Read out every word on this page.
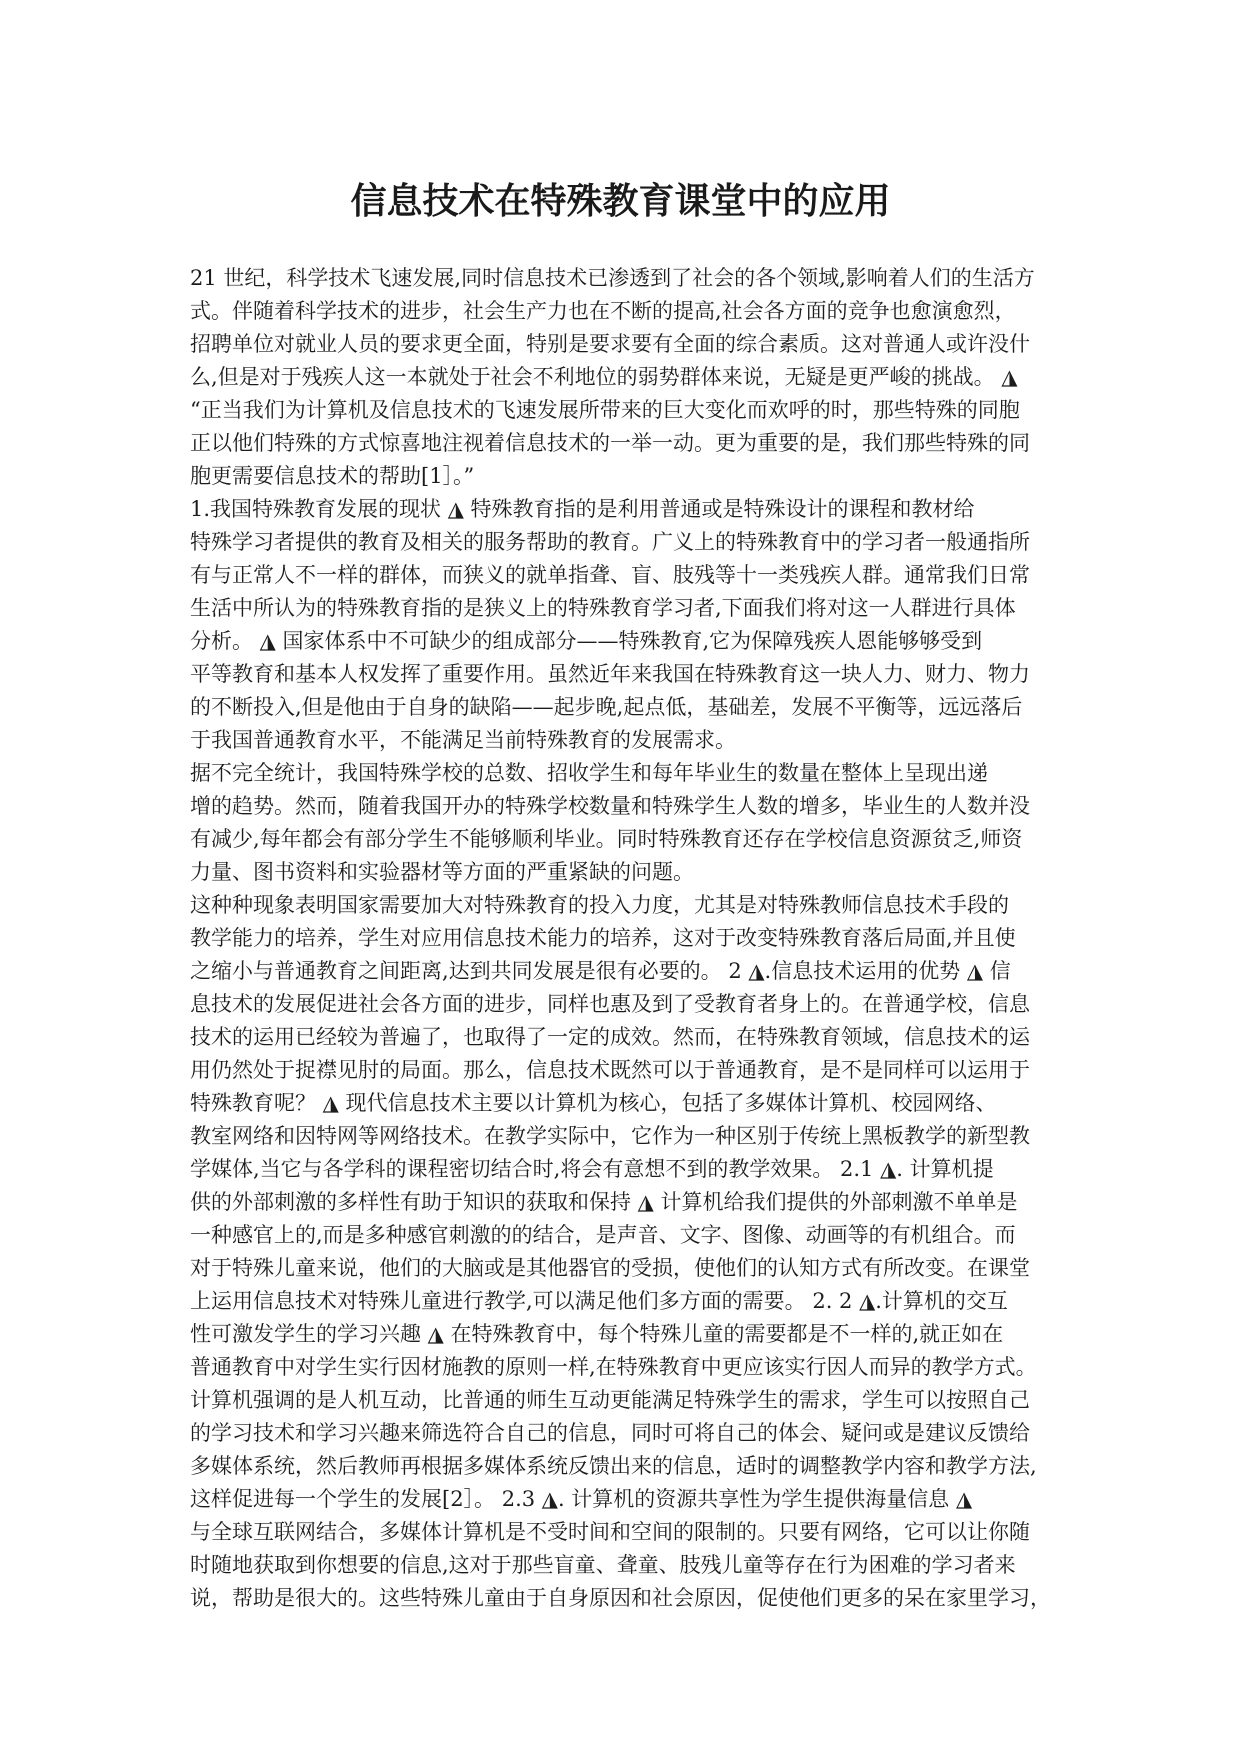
信息技术在特殊教育课堂中的应用
21 世纪，科学技术飞速发展,同时信息技术已渗透到了社会的各个领域,影响着人们的生活方
式。伴随着科学技术的进步，社会生产力也在不断的提高,社会各方面的竞争也愈演愈烈，
招聘单位对就业人员的要求更全面，特别是要求要有全面的综合素质。这对普通人或许没什
么,但是对于残疾人这一本就处于社会不利地位的弱势群体来说，无疑是更严峻的挑战。 ◮
“正当我们为计算机及信息技术的飞速发展所带来的巨大变化而欢呼的时，那些特殊的同胞
正以他们特殊的方式惊喜地注视着信息技术的一举一动。更为重要的是，我们那些特殊的同
胞更需要信息技术的帮助[1］。”
1.我国特殊教育发展的现状 ◮ 特殊教育指的是利用普通或是特殊设计的课程和教材给
特殊学习者提供的教育及相关的服务帮助的教育。广义上的特殊教育中的学习者一般通指所
有与正常人不一样的群体，而狭义的就单指聋、盲、肢残等十一类残疾人群。通常我们日常
生活中所认为的特殊教育指的是狭义上的特殊教育学习者,下面我们将对这一人群进行具体
分析。 ◮ 国家体系中不可缺少的组成部分——特殊教育,它为保障残疾人恩能够够受到
平等教育和基本人权发挥了重要作用。虽然近年来我国在特殊教育这一块人力、财力、物力
的不断投入,但是他由于自身的缺陷——起步晚,起点低，基础差，发展不平衡等，远远落后
于我国普通教育水平，不能满足当前特殊教育的发展需求。
据不完全统计，我国特殊学校的总数、招收学生和每年毕业生的数量在整体上呈现出递
增的趋势。然而，随着我国开办的特殊学校数量和特殊学生人数的增多，毕业生的人数并没
有减少,每年都会有部分学生不能够顺利毕业。同时特殊教育还存在学校信息资源贫乏,师资
力量、图书资料和实验器材等方面的严重紧缺的问题。
这种种现象表明国家需要加大对特殊教育的投入力度，尤其是对特殊教师信息技术手段的
教学能力的培养，学生对应用信息技术能力的培养，这对于改变特殊教育落后局面,并且使
之缩小与普通教育之间距离,达到共同发展是很有必要的。 2 ◮.信息技术运用的优势 ◮ 信
息技术的发展促进社会各方面的进步，同样也惠及到了受教育者身上的。在普通学校，信息
技术的运用已经较为普遍了，也取得了一定的成效。然而，在特殊教育领域，信息技术的运
用仍然处于捉襟见肘的局面。那么，信息技术既然可以于普通教育，是不是同样可以运用于
特殊教育呢？ ◮ 现代信息技术主要以计算机为核心，包括了多媒体计算机、校园网络、
教室网络和因特网等网络技术。在教学实际中，它作为一种区别于传统上黑板教学的新型教
学媒体,当它与各学科的课程密切结合时,将会有意想不到的教学效果。 2.1 ◮. 计算机提
供的外部刺激的多样性有助于知识的获取和保持 ◮ 计算机给我们提供的外部刺激不单单是
一种感官上的,而是多种感官刺激的的结合，是声音、文字、图像、动画等的有机组合。而
对于特殊儿童来说，他们的大脑或是其他器官的受损，使他们的认知方式有所改变。在课堂
上运用信息技术对特殊儿童进行教学,可以满足他们多方面的需要。 2. 2 ◮.计算机的交互
性可激发学生的学习兴趣 ◮ 在特殊教育中，每个特殊儿童的需要都是不一样的,就正如在
普通教育中对学生实行因材施教的原则一样,在特殊教育中更应该实行因人而异的教学方式。
计算机强调的是人机互动，比普通的师生互动更能满足特殊学生的需求，学生可以按照自己
的学习技术和学习兴趣来筛选符合自己的信息，同时可将自己的体会、疑问或是建议反馈给
多媒体系统，然后教师再根据多媒体系统反馈出来的信息，适时的调整教学内容和教学方法,
这样促进每一个学生的发展[2］。 2.3 ◮. 计算机的资源共享性为学生提供海量信息 ◮
与全球互联网结合，多媒体计算机是不受时间和空间的限制的。只要有网络，它可以让你随
时随地获取到你想要的信息,这对于那些盲童、聋童、肢残儿童等存在行为困难的学习者来
说，帮助是很大的。这些特殊儿童由于自身原因和社会原因，促使他们更多的呆在家里学习，
